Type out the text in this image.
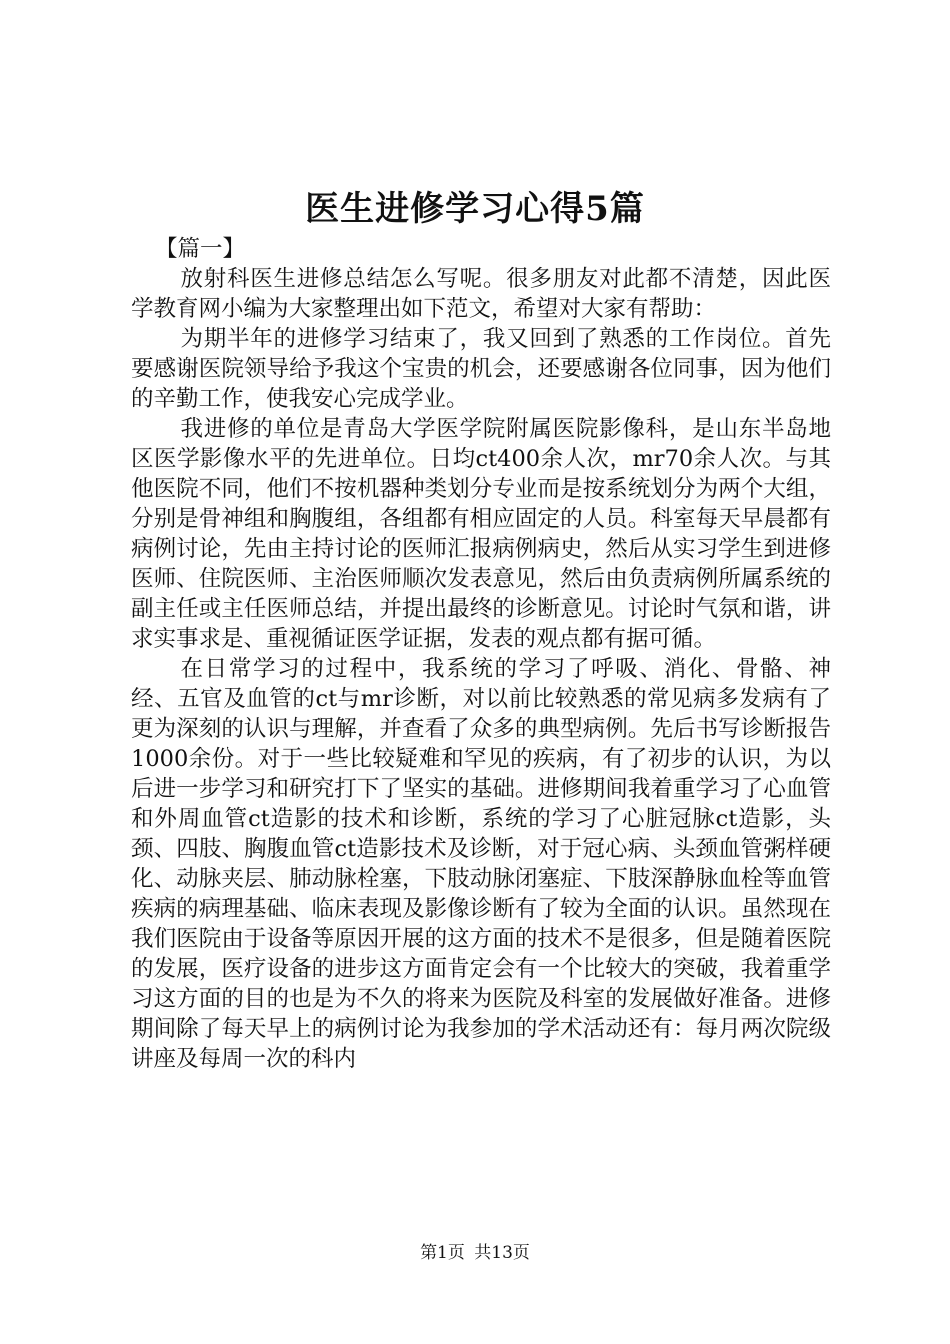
医生进修学习心得5篇

【篇一】

放射科医生进修总结怎么写呢。很多朋友对此都不清楚，因此医学教育网小编为大家整理出如下范文，希望对大家有帮助：

为期半年的进修学习结束了，我又回到了熟悉的工作岗位。首先要感谢医院领导给予我这个宝贵的机会，还要感谢各位同事，因为他们的辛勤工作，使我安心完成学业。

我进修的单位是青岛大学医学院附属医院影像科，是山东半岛地区医学影像水平的先进单位。日均ct400余人次，mr70余人次。与其他医院不同，他们不按机器种类划分专业而是按系统划分为两个大组，分别是骨神组和胸腹组，各组都有相应固定的人员。科室每天早晨都有病例讨论，先由主持讨论的医师汇报病例病史，然后从实习学生到进修医师、住院医师、主治医师顺次发表意见，然后由负责病例所属系统的副主任或主任医师总结，并提出最终的诊断意见。讨论时气氛和谐，讲求实事求是、重视循证医学证据，发表的观点都有据可循。

在日常学习的过程中，我系统的学习了呼吸、消化、骨骼、神经、五官及血管的ct与mr诊断，对以前比较熟悉的常见病多发病有了更为深刻的认识与理解，并查看了众多的典型病例。先后书写诊断报告1000余份。对于一些比较疑难和罕见的疾病，有了初步的认识，为以后进一步学习和研究打下了坚实的基础。进修期间我着重学习了心血管和外周血管ct造影的技术和诊断，系统的学习了心脏冠脉ct造影，头颈、四肢、胸腹血管ct造影技术及诊断，对于冠心病、头颈血管粥样硬化、动脉夹层、肺动脉栓塞，下肢动脉闭塞症、下肢深静脉血栓等血管疾病的病理基础、临床表现及影像诊断有了较为全面的认识。虽然现在我们医院由于设备等原因开展的这方面的技术不是很多，但是随着医院的发展，医疗设备的进步这方面肯定会有一个比较大的突破，我着重学习这方面的目的也是为不久的将来为医院及科室的发展做好准备。进修期间除了每天早上的病例讨论为我参加的学术活动还有：每月两次院级讲座及每周一次的科内

第1页 共13页
